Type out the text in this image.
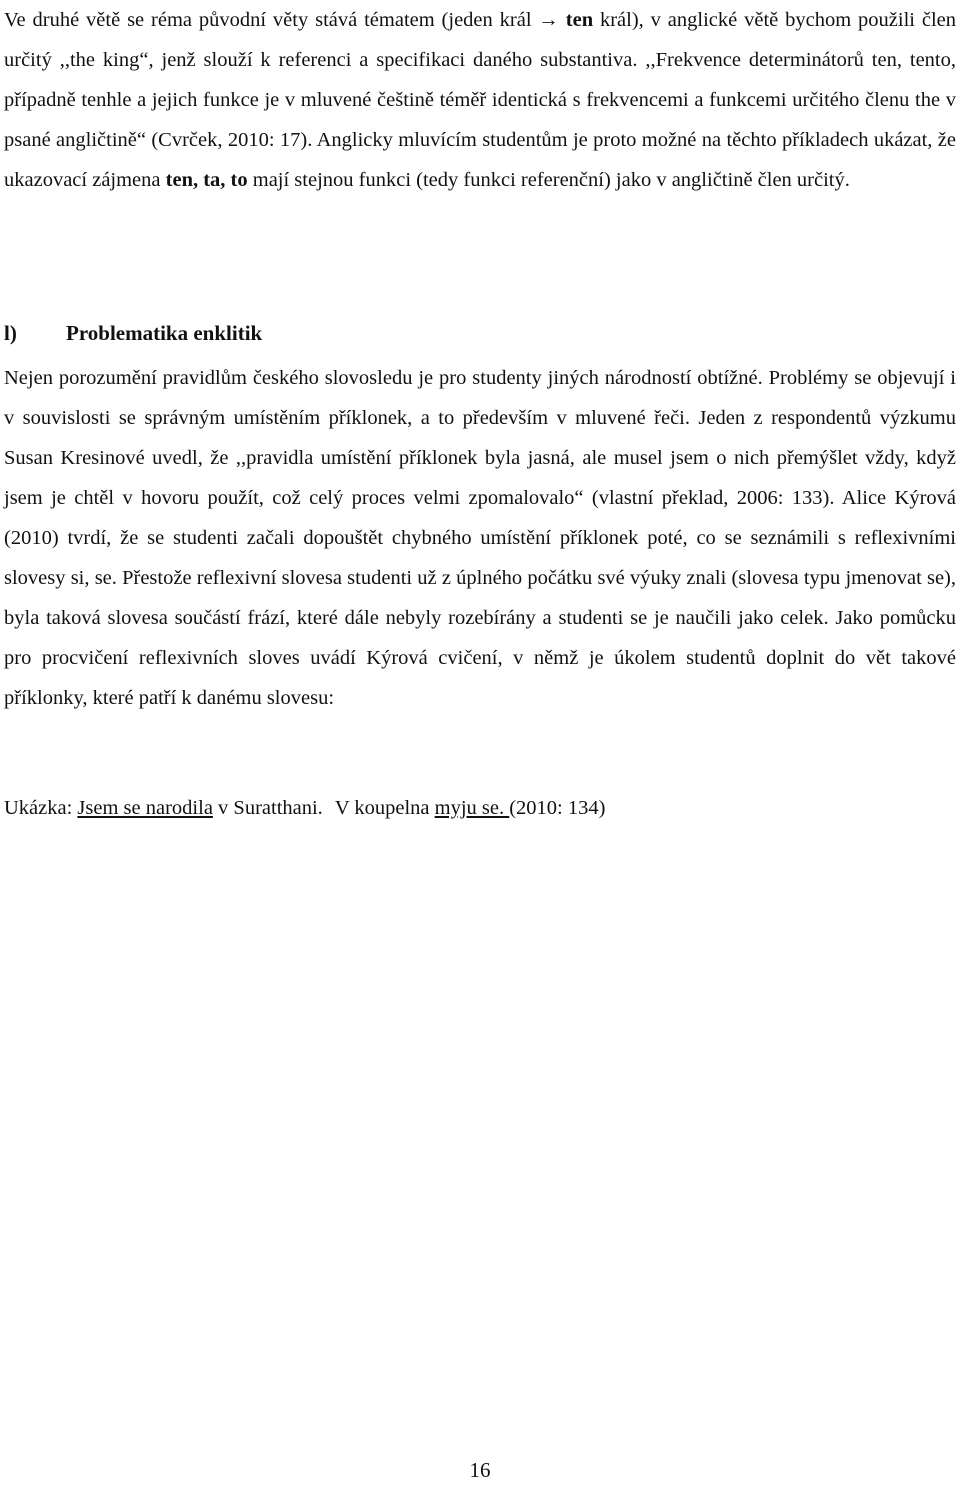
Ve druhé větě se réma původní věty stává tématem (jeden král → ten král), v anglické větě bychom použili člen určitý ,,the king“, jenž slouží k referenci a specifikaci daného substantiva. ,,Frekvence determinátorů ten, tento, případně tenhle a jejich funkce je v mluvené češtině téměř identická s frekvencemi a funkcemi určitého členu the v psané angličtině“ (Cvrček, 2010: 17). Anglicky mluvícím studentům je proto možné na těchto příkladech ukázat, že ukazovací zájmena ten, ta, to mají stejnou funkci (tedy funkci referenční) jako v angličtině člen určitý.

l) Problematika enklitik

Nejen porozumění pravidlům českého slovosledu je pro studenty jiných národností obtížné. Problémy se objevují i v souvislosti se správným umístěním příklonek, a to především v mluvené řeči. Jeden z respondentů výzkumu Susan Kresinové uvedl, že ,,pravidla umístění příklonek byla jasná, ale musel jsem o nich přemýšlet vždy, když jsem je chtěl v hovoru použít, což celý proces velmi zpomalovalo“ (vlastní překlad, 2006: 133). Alice Kýrová (2010) tvrdí, že se studenti začali dopouštět chybného umístění příklonek poté, co se seznámili s reflexivními slovesy si, se. Přestože reflexivní slovesa studenti už z úplného počátku své výuky znali (slovesa typu jmenovat se), byla taková slovesa součástí frází, které dále nebyly rozebírány a studenti se je naučili jako celek. Jako pomůcku pro procvičení reflexivních sloves uvádí Kýrová cvičení, v němž je úkolem studentů doplnit do vět takové příklonky, které patří k danému slovesu:

Ukázka: Jsem se narodila v Suratthani. V koupelna myju se. (2010: 134)
16
